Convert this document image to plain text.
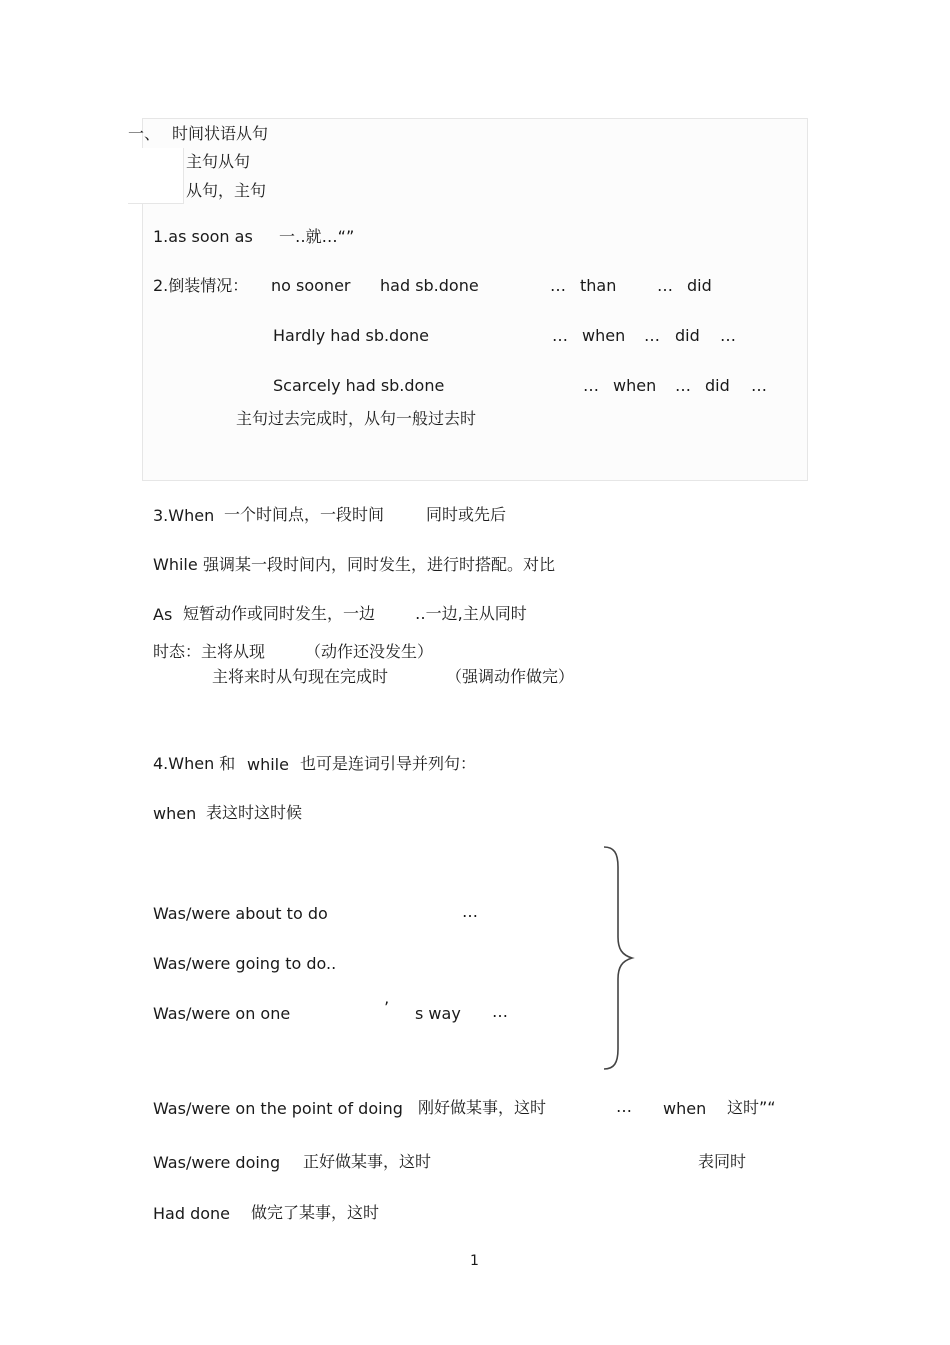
一、 时间状语从句
主句从句
从句，主句
1.as soon as 一‥就…“”
2.倒装情况： no sooner had sb.done	… than	… did
Hardly had sb.done	… when … did …
Scarcely had sb.done	… when … did …
主句过去完成时，从句一般过去时
3.When 一个时间点，一段时间	同时或先后
While 强调某一段时间内，同时发生，进行时搭配。对比
As 短暂动作或同时发生，一边 ‥一边,主从同时
时态：主将从现 （动作还没发生）
主将来时从句现在完成时	（强调动作做完）
4.When 和 while 也可是连词引导并列句：
when 表这时这时候
Was/were about to do	…
Was/were going to do..
Was/were on one	’ s way …
Was/were on the point of doing 刚好做某事，这时	… when 这时”“
Was/were doing 正好做某事，这时	表同时
Had done 做完了某事，这时
1
